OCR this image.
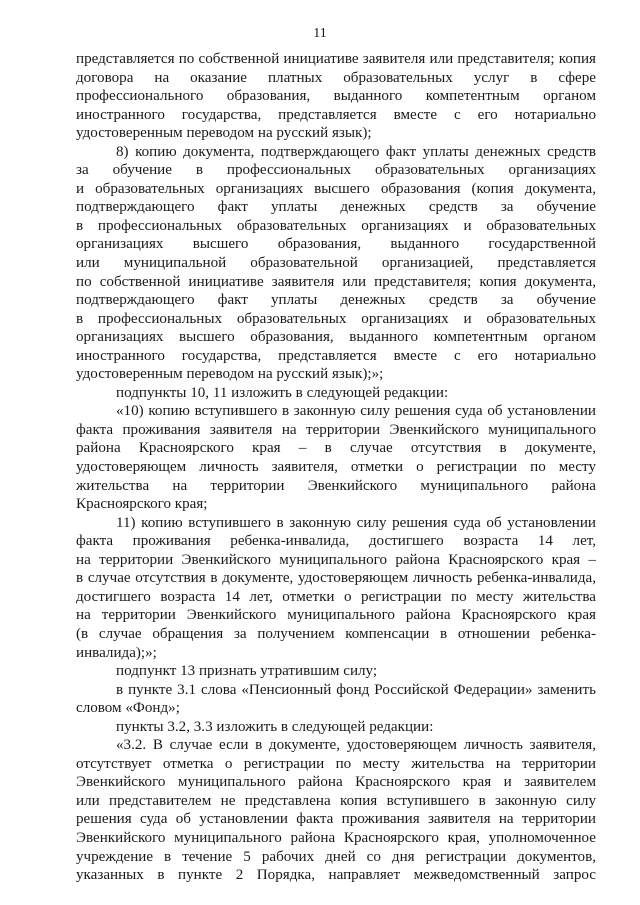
11
представляется по собственной инициативе заявителя или представителя; копия
договора на оказание платных образовательных услуг в сфере
профессионального образования, выданного компетентным органом
иностранного государства, представляется вместе с его нотариально
удостоверенным переводом на русский язык);
8) копию документа, подтверждающего факт уплаты денежных средств
за обучение в профессиональных образовательных организациях
и образовательных организациях высшего образования (копия документа,
подтверждающего факт уплаты денежных средств за обучение
в профессиональных образовательных организациях и образовательных
организациях высшего образования, выданного государственной
или муниципальной образовательной организацией, представляется
по собственной инициативе заявителя или представителя; копия документа,
подтверждающего факт уплаты денежных средств за обучение
в профессиональных образовательных организациях и образовательных
организациях высшего образования, выданного компетентным органом
иностранного государства, представляется вместе с его нотариально
удостоверенным переводом на русский язык);»;
подпункты 10, 11 изложить в следующей редакции:
«10) копию вступившего в законную силу решения суда об установлении
факта проживания заявителя на территории Эвенкийского муниципального
района Красноярского края – в случае отсутствия в документе,
удостоверяющем личность заявителя, отметки о регистрации по месту
жительства на территории Эвенкийского муниципального района
Красноярского края;
11) копию вступившего в законную силу решения суда об установлении
факта проживания ребенка-инвалида, достигшего возраста 14 лет,
на территории Эвенкийского муниципального района Красноярского края –
в случае отсутствия в документе, удостоверяющем личность ребенка-инвалида,
достигшего возраста 14 лет, отметки о регистрации по месту жительства
на территории Эвенкийского муниципального района Красноярского края
(в случае обращения за получением компенсации в отношении ребенка-
инвалида);»;
подпункт 13 признать утратившим силу;
в пункте 3.1 слова «Пенсионный фонд Российской Федерации» заменить
словом «Фонд»;
пункты 3.2, 3.3 изложить в следующей редакции:
«3.2. В случае если в документе, удостоверяющем личность заявителя,
отсутствует отметка о регистрации по месту жительства на территории
Эвенкийского муниципального района Красноярского края и заявителем
или представителем не представлена копия вступившего в законную силу
решения суда об установлении факта проживания заявителя на территории
Эвенкийского муниципального района Красноярского края, уполномоченное
учреждение в течение 5 рабочих дней со дня регистрации документов,
указанных в пункте 2 Порядка, направляет межведомственный запрос
